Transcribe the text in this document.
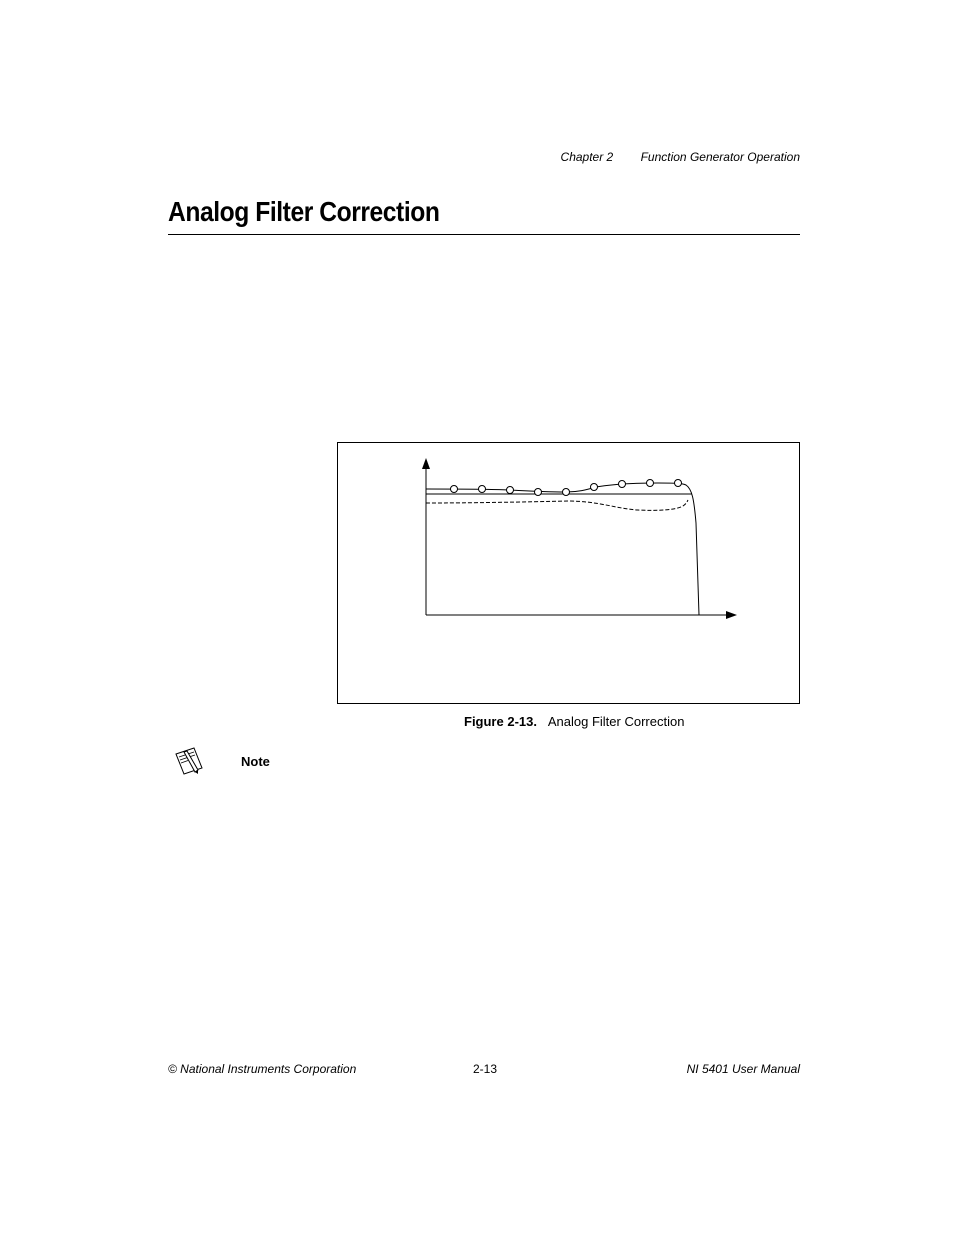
Chapter 2 Function Generator Operation
Analog Filter Correction
Figure 2-13. Analog Filter Correction
Note
© National Instruments Corporation	2-13	NI 5401 User Manual
